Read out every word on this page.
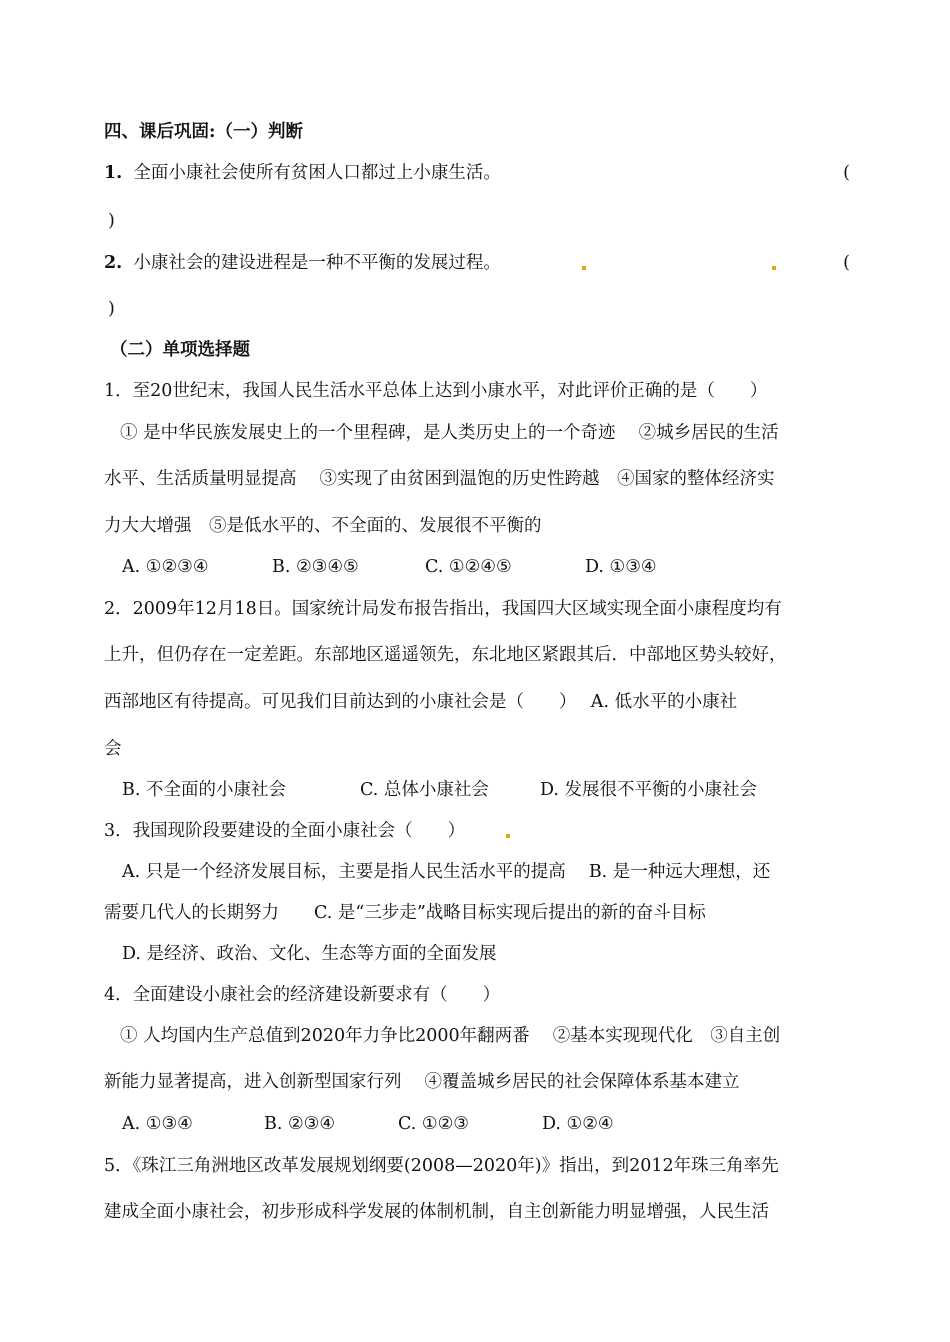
四、课后巩固:（一）判断
1. 全面小康社会使所有贫困人口都过上小康生活。	(
)
2. 小康社会的建设进程是一种不平衡的发展过程。	(
)
（二）单项选择题
1．至20世纪末，我国人民生活水平总体上达到小康水平，对此评价正确的是（　　）
① 是中华民族发展史上的一个里程碑，是人类历史上的一个奇迹　 ②城乡居民的生活
水平、生活质量明显提高　 ③实现了由贫困到温饱的历史性跨越　④国家的整体经济实
力大大增强　⑤是低水平的、不全面的、发展很不平衡的
A. ①②③④	B. ②③④⑤	C. ①②④⑤	D. ①③④
2．2009年12月18日。国家统计局发布报告指出，我国四大区域实现全面小康程度均有
上升，但仍存在一定差距。东部地区遥遥领先，东北地区紧跟其后．中部地区势头较好，
西部地区有待提高。可见我们目前达到的小康社会是（　　）　 A. 低水平的小康社
会
B. 不全面的小康社会	C. 总体小康社会	D. 发展很不平衡的小康社会
3．我国现阶段要建设的全面小康社会（　　）
A. 只是一个经济发展目标，主要是指人民生活水平的提高　 B. 是一种远大理想，还
需要几代人的长期努力　　C. 是“三步走”战略目标实现后提出的新的奋斗目标
D. 是经济、政治、文化、生态等方面的全面发展
4．全面建设小康社会的经济建设新要求有（　　）
① 人均国内生产总值到2020年力争比2000年翻两番　 ②基本实现现代化　③自主创
新能力显著提高，进入创新型国家行列　 ④覆盖城乡居民的社会保障体系基本建立
A. ①③④	B. ②③④	C. ①②③	D. ①②④
5．《珠江三角洲地区改革发展规划纲要(2008—2020年)》指出，到2012年珠三角率先
建成全面小康社会，初步形成科学发展的体制机制，自主创新能力明显增强，人民生活
